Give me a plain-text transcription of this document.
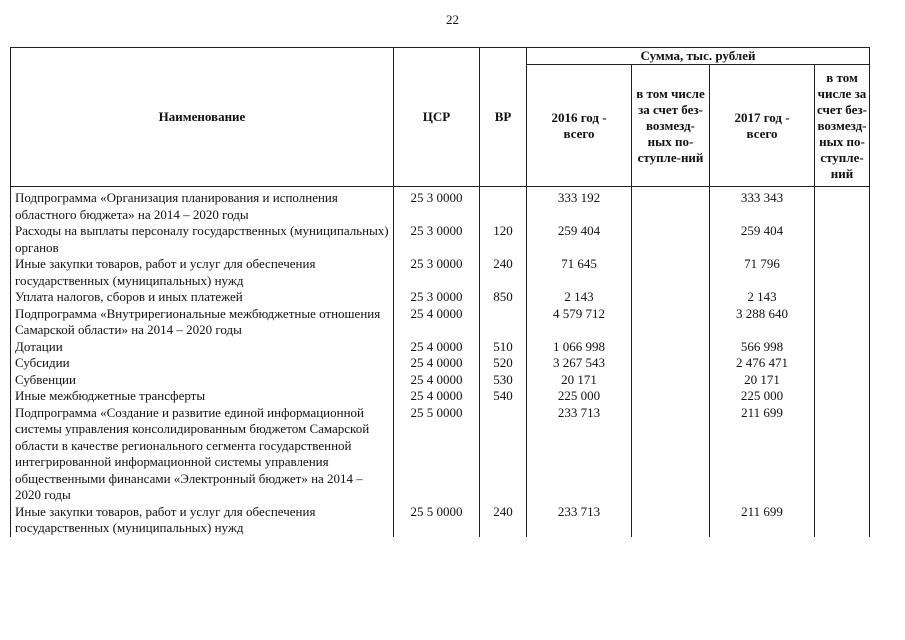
22
Наименование	ЦСР	ВР	Сумма, тыс. рублей			
			2016 год - всего	в том числе за счет без-возмезд-ных по-ступле-ний	2017 год - всего	в том числе за счет без-возмезд-ных по-ступле-ний
Подпрограмма «Организация планирования и исполнения областного бюджета» на 2014 – 2020 годы	25 3 0000		333 192		333 343	
Расходы на выплаты персоналу государственных (муниципальных) органов	25 3 0000	120	259 404		259 404	
Иные закупки товаров, работ и услуг для обеспечения государственных (муниципальных) нужд	25 3 0000	240	71 645		71 796	
Уплата налогов, сборов и иных платежей	25 3 0000	850	2 143		2 143	
Подпрограмма «Внутрирегиональные межбюджетные отношения Самарской области» на 2014 – 2020 годы	25 4 0000		4 579 712		3 288 640	
Дотации	25 4 0000	510	1 066 998		566 998	
Субсидии	25 4 0000	520	3 267 543		2 476 471	
Субвенции	25 4 0000	530	20 171		20 171	
Иные межбюджетные трансферты	25 4 0000	540	225 000		225 000	
Подпрограмма «Создание и развитие единой информационной системы управления консолидированным бюджетом Самарской области в качестве регионального сегмента государственной интегрированной информационной системы управления общественными финансами «Электронный бюджет» на 2014 – 2020 годы	25 5 0000		233 713		211 699	
Иные закупки товаров, работ и услуг для обеспечения государственных (муниципальных) нужд	25 5 0000	240	233 713		211 699	
